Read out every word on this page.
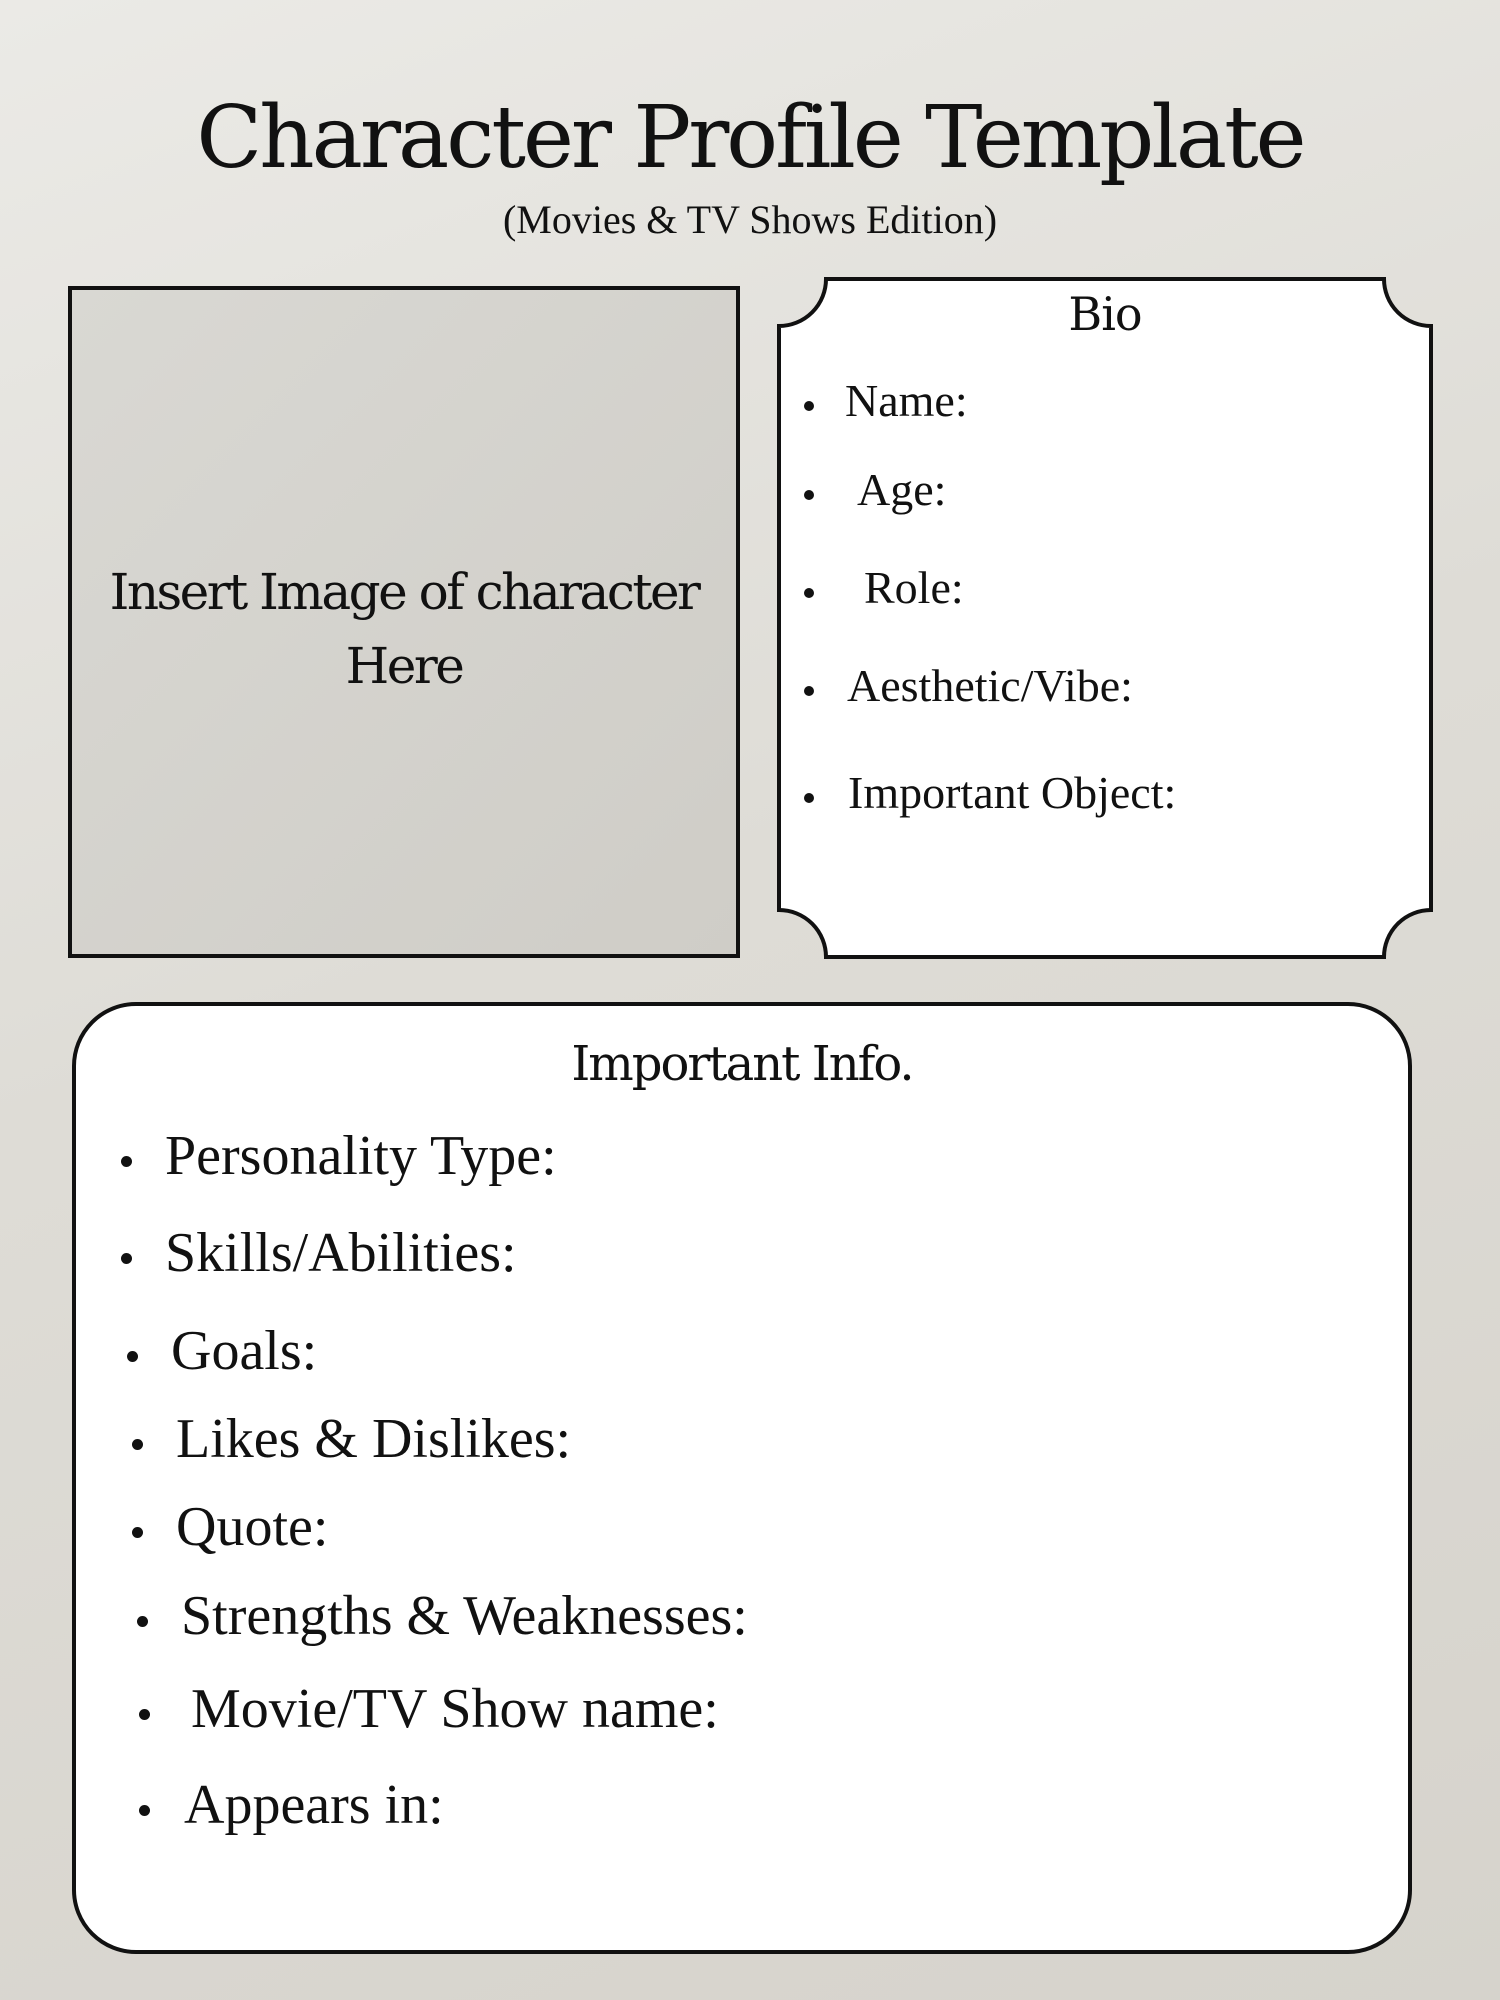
Character Profile Template

(Movies & TV Shows Edition)

Insert Image of character
Here
Bio
Name:
Age:
Role:
Aesthetic/Vibe:
Important Object:
Important Info.
Personality Type:
Skills/Abilities:
Goals:
Likes & Dislikes:
Quote:
Strengths & Weaknesses:
Movie/TV Show name:
Appears in:
